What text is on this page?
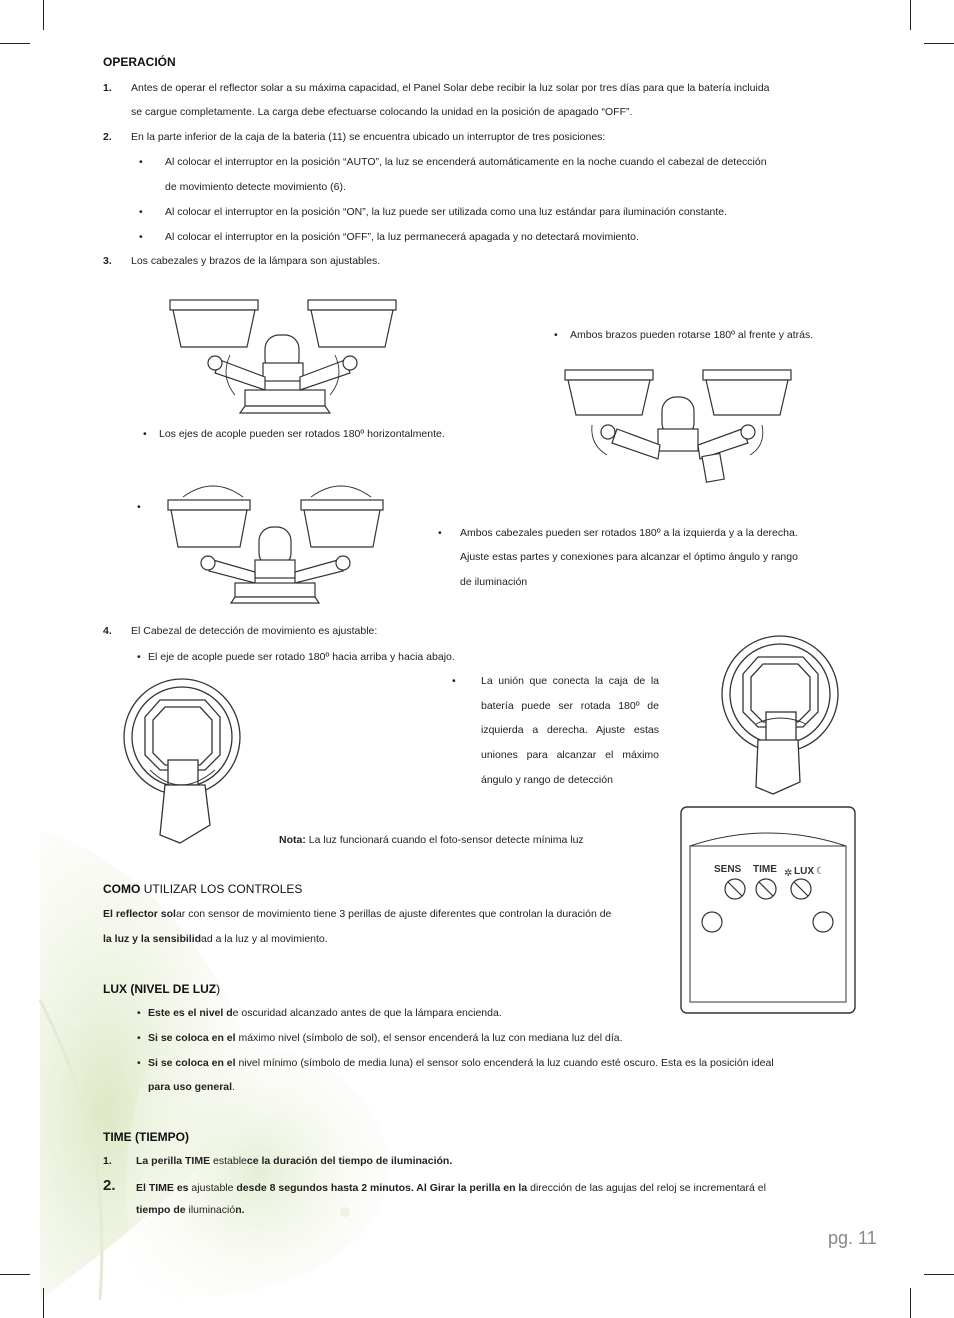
OPERACIÓN
1. Antes de operar el reflector solar a su máxima capacidad, el Panel Solar debe recibir la luz solar por tres días para que la batería incluida
se cargue completamente. La carga debe efectuarse colocando la unidad en la posición de apagado “OFF”.
2. En la parte inferior de la caja de la bateria (11) se encuentra ubicado un interruptor de tres posiciones:
• Al colocar el interruptor en la posición “AUTO”, la luz se encenderá automáticamente en la noche cuando el cabezal de detección
de movimiento detecte movimiento (6).
• Al colocar el interruptor en la posición “ON”, la luz puede ser utilizada como una luz estándar para iluminación constante.
• Al colocar el interruptor en la posición “OFF”, la luz permanecerá apagada y no detectará movimiento.
3. Los cabezales y brazos de la lámpara son ajustables.
• Ambos brazos pueden rotarse 180º al frente y atrás.
• Los ejes de acople pueden ser rotados 180º horizontalmente.
•
• Ambos cabezales pueden ser rotados 180º a la izquierda y a la derecha.
Ajuste estas partes y conexiones para alcanzar el óptimo ángulo y rango
de iluminación
4. El Cabezal de detección de movimiento es ajustable:
• El eje de acople puede ser rotado 180º hacia arriba y hacia abajo.
• La unión que conecta la caja de la
batería puede ser rotada 180º de
izquierda a derecha. Ajuste estas
uniones para alcanzar el máximo
ángulo y rango de detección
Nota: La luz funcionará cuando el foto-sensor detecte mínima luz
SENS TIME ✲ LUX ☾
COMO UTILIZAR LOS CONTROLES
El reflector solar con sensor de movimiento tiene 3 perillas de ajuste diferentes que controlan la duración de
la luz y la sensibilidad a la luz y al movimiento.
LUX (NIVEL DE LUZ)
• Este es el nivel de oscuridad alcanzado antes de que la lámpara encienda.
• Si se coloca en el máximo nivel (símbolo de sol), el sensor encenderá la luz con mediana luz del día.
• Si se coloca en el nivel mínimo (símbolo de media luna) el sensor solo encenderá la luz cuando esté oscuro. Esta es la posición ideal
para uso general.
TIME (TIEMPO)
1. La perilla TIME establece la duración del tiempo de iluminación.
2. El TIME es ajustable desde 8 segundos hasta 2 minutos. Al Girar la perilla en la dirección de las agujas del reloj se incrementará el
tiempo de iluminación.
pg. 11
